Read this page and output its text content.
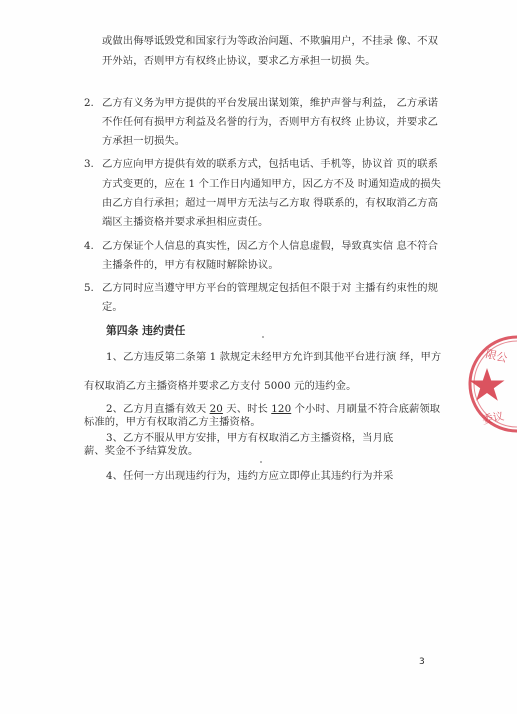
或做出侮辱诋毁党和国家行为等政治问题、不欺骗用户，不挂录 像、不双
开外站，否则甲方有权终止协议，要求乙方承担一切损 失。
2. 乙方有义务为甲方提供的平台发展出谋划策，维护声誉与利益， 乙方承诺
不作任何有损甲方利益及名誉的行为，否则甲方有权终 止协议，并要求乙
方承担一切损失。
3. 乙方应向甲方提供有效的联系方式，包括电话、手机等，协议首 页的联系
方式变更的，应在 1 个工作日内通知甲方，因乙方不及 时通知造成的损失
由乙方自行承担；超过一周甲方无法与乙方取 得联系的，有权取消乙方高
端区主播资格并要求承担相应责任。
4. 乙方保证个人信息的真实性，因乙方个人信息虚假，导致真实信 息不符合
主播条件的，甲方有权随时解除协议。
5. 乙方同时应当遵守甲方平台的管理规定包括但不限于对 主播有约束性的规
定。
第四条 违约责任
1、乙方违反第二条第 1 款规定未经甲方允许到其他平台进行演 绎，甲方
有权取消乙方主播资格并要求乙方支付 5000 元的违约金。
2、乙方月直播有效天 20 天、时长 120 个小时、月刷量不符合底薪领取
标准的，甲方有权取消乙方主播资格。
3、乙方不服从甲方安排，甲方有权取消乙方主播资格，当月底
薪、奖金不予结算发放。
4、任何一方出现违约行为，违约方应立即停止其违约行为并采
3
限公
委议
